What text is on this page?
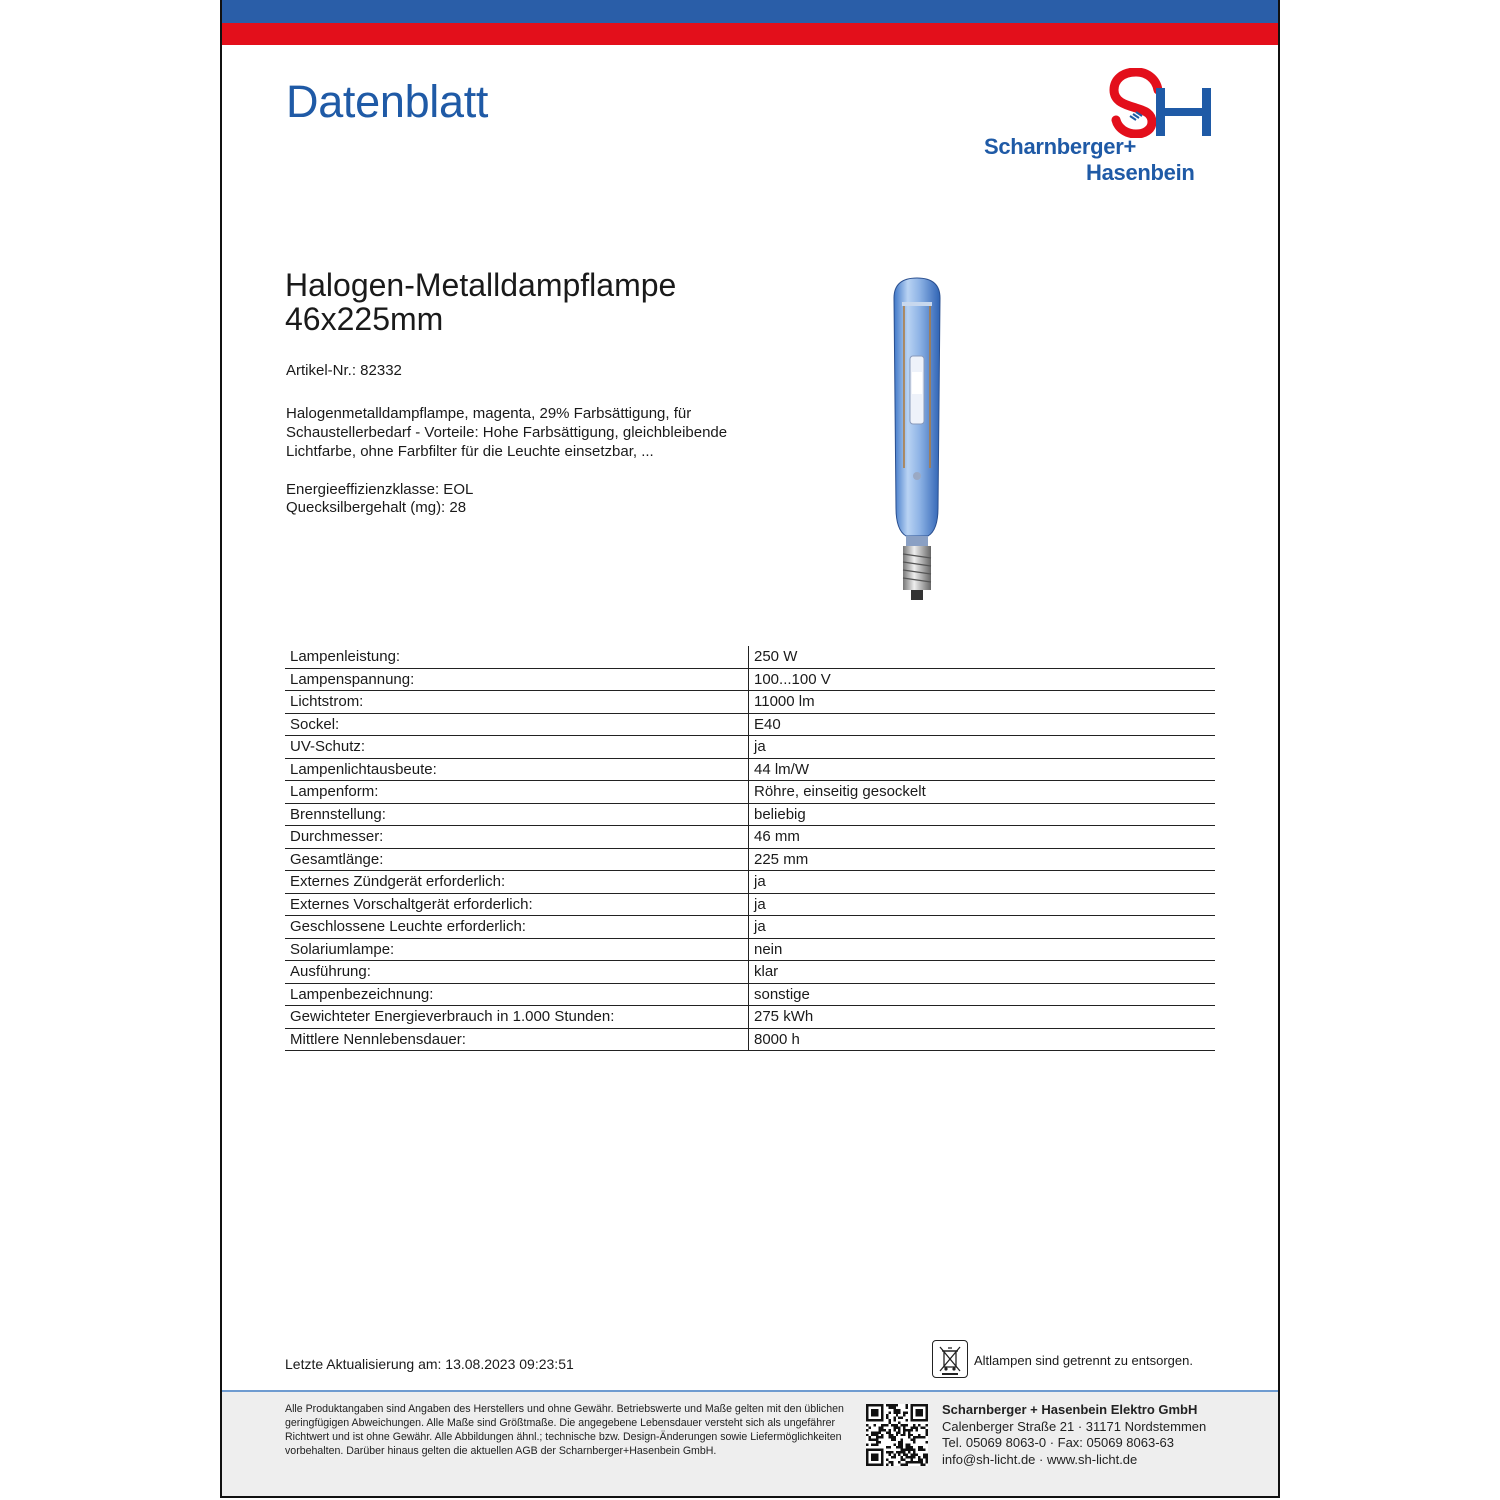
Datenblatt
Scharnberger+
Hasenbein
Halogen-Metalldampflampe
46x225mm
Artikel-Nr.: 82332
Halogenmetalldampflampe, magenta, 29% Farbsättigung, für Schaustellerbedarf - Vorteile: Hohe Farbsättigung, gleichbleibende Lichtfarbe, ohne Farbfilter für die Leuchte einsetzbar, ...
Energieeffizienzklasse: EOL
Quecksilbergehalt (mg): 28
Lampenleistung:	250 W
Lampenspannung:	100...100 V
Lichtstrom:	11000 lm
Sockel:	E40
UV-Schutz:	ja
Lampenlichtausbeute:	44 lm/W
Lampenform:	Röhre, einseitig gesockelt
Brennstellung:	beliebig
Durchmesser:	46 mm
Gesamtlänge:	225 mm
Externes Zündgerät erforderlich:	ja
Externes Vorschaltgerät erforderlich:	ja
Geschlossene Leuchte erforderlich:	ja
Solariumlampe:	nein
Ausführung:	klar
Lampenbezeichnung:	sonstige
Gewichteter Energieverbrauch in 1.000 Stunden:	275 kWh
Mittlere Nennlebensdauer:	8000 h
Letzte Aktualisierung am: 13.08.2023 09:23:51	Altlampen sind getrennt zu entsorgen.
Alle Produktangaben sind Angaben des Herstellers und ohne Gewähr. Betriebswerte und Maße gelten mit den üblichen geringfügigen Abweichungen. Alle Maße sind Größtmaße. Die angegebene Lebensdauer versteht sich als ungefährer Richtwert und ist ohne Gewähr. Alle Abbildungen ähnl.; technische bzw. Design-Änderungen sowie Liefermöglichkeiten vorbehalten. Darüber hinaus gelten die aktuellen AGB der Scharnberger+Hasenbein GmbH.
Scharnberger + Hasenbein Elektro GmbH
Calenberger Straße 21 · 31171 Nordstemmen
Tel. 05069 8063-0 · Fax: 05069 8063-63
info@sh-licht.de · www.sh-licht.de
